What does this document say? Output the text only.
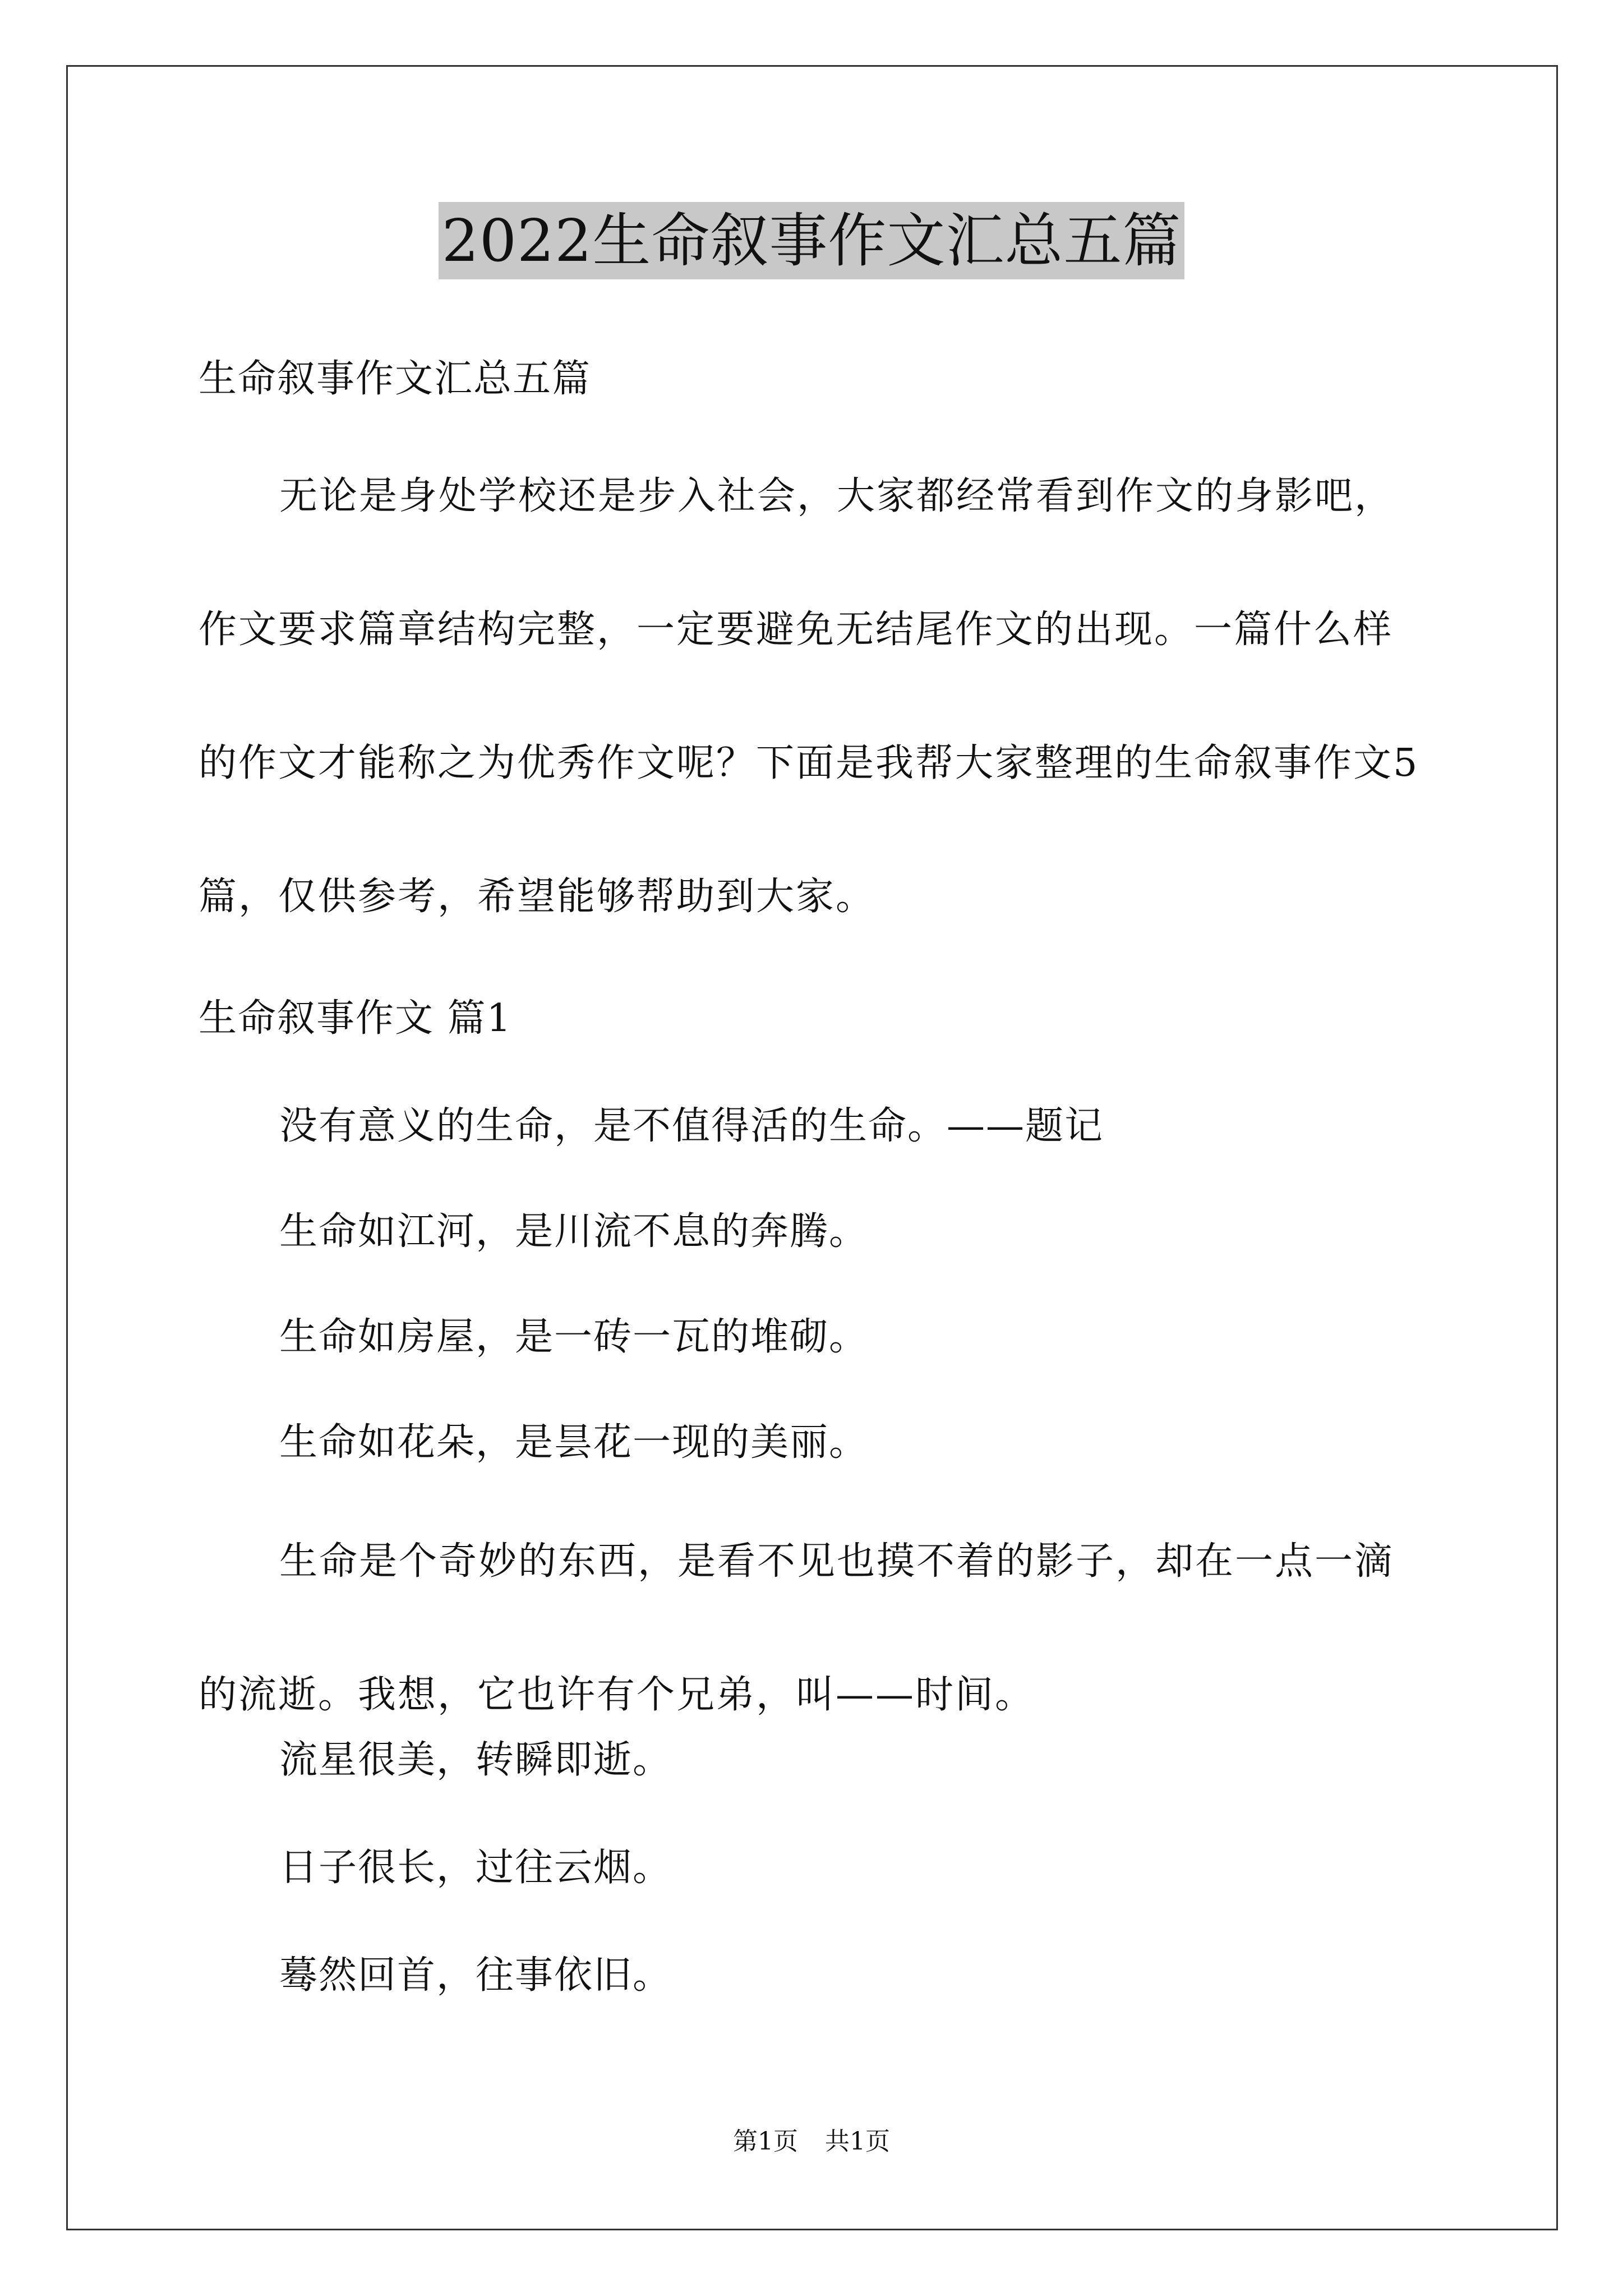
2022生命叙事作文汇总五篇
生命叙事作文汇总五篇
无论是身处学校还是步入社会，大家都经常看到作文的身影吧，作文要求篇章结构完整，一定要避免无结尾作文的出现。一篇什么样的作文才能称之为优秀作文呢？下面是我帮大家整理的生命叙事作文5篇，仅供参考，希望能够帮助到大家。
生命叙事作文 篇1
没有意义的生命，是不值得活的生命。——题记
生命如江河，是川流不息的奔腾。
生命如房屋，是一砖一瓦的堆砌。
生命如花朵，是昙花一现的美丽。
生命是个奇妙的东西，是看不见也摸不着的影子，却在一点一滴的流逝。我想，它也许有个兄弟，叫——时间。
流星很美，转瞬即逝。
日子很长，过往云烟。
蓦然回首，往事依旧。
第1页 共1页
